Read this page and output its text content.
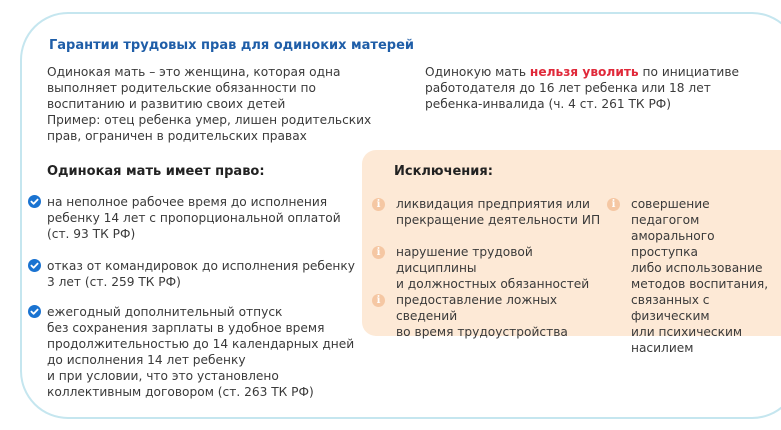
Гарантии трудовых прав для одиноких матерей

Одинокая мать – это женщина, которая одна выполняет родительские обязанности по воспитанию и развитию своих детей

Пример: отец ребенка умер, лишен родительских прав, ограничен в родительских правах

Одинокую мать нельзя уволить по инициативе работодателя до 16 лет ребенка или 18 лет ребенка-инвалида (ч. 4 ст. 261 ТК РФ)
Одинокая мать имеет право:
на неполное рабочее время до исполнения
ребенку 14 лет с пропорциональной оплатой
(ст. 93 ТК РФ)
отказ от командировок до исполнения ребенку
3 лет (ст. 259 ТК РФ)
ежегодный дополнительный отпуск
без сохранения зарплаты в удобное время
продолжительностью до 14 календарных дней
до исполнения 14 лет ребенку
и при условии, что это установлено
коллективным договором (ст. 263 ТК РФ)
Исключения:
i	ликвидация предприятия или
прекращение деятельности ИП
i	нарушение трудовой дисциплины
и должностных обязанностей
i	предоставление ложных сведений
во время трудоустройства
i	совершение педагогом
аморального проступка
либо использование
методов воспитания,
связанных с физическим
или психическим
насилием
